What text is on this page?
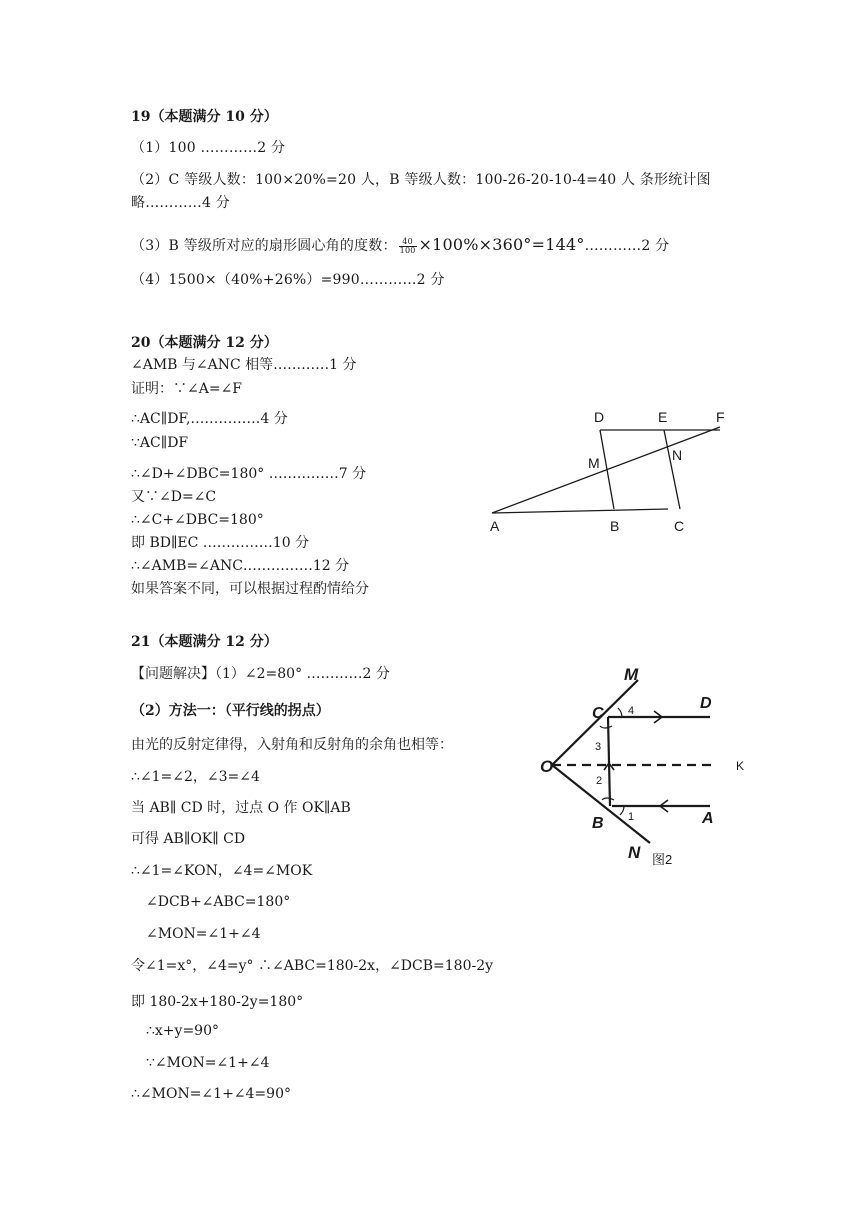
19（本题满分 10 分）
（1）100 …………2 分
（2）C 等级人数：100×20%=20 人，B 等级人数：100-26-20-10-4=40 人 条形统计图
略…………4 分
（3）B 等级所对应的扇形圆心角的度数： $\frac{40}{100}$ ×100%×360°=144°…………2 分
（4）1500×（40%+26%）=990…………2 分
20（本题满分 12 分）
∠AMB 与∠ANC 相等…………1 分
证明：∵∠A=∠F
∴AC∥DF,……………4 分
∵AC∥DF
∴∠D+∠DBC=180° ……………7 分
又∵∠D=∠C
∴∠C+∠DBC=180°
即 BD∥EC ……………10 分
∴∠AMB=∠ANC……………12 分
如果答案不同，可以根据过程酌情给分
D	E	F
M	N
A	B	C
21（本题满分 12 分）
【问题解决】（1）∠2=80° …………2 分
（2）方法一：（平行线的拐点）
由光的反射定律得，入射角和反射角的余角也相等：
∴∠1=∠2，∠3=∠4
当 AB∥ CD 时，过点 O 作 OK∥AB
可得 AB∥OK∥ CD
∴∠1=∠KON，∠4=∠MOK
∠DCB+∠ABC=180°
∠MON=∠1+∠4
令∠1=x°，∠4=y° ∴∠ABC=180-2x，∠DCB=180-2y
即 180-2x+180-2y=180°
∴x+y=90°
∵∠MON=∠1+∠4
∴∠MON=∠1+∠4=90°
M
D
C
O
B	A
N
4
3
2
1
K
图2
